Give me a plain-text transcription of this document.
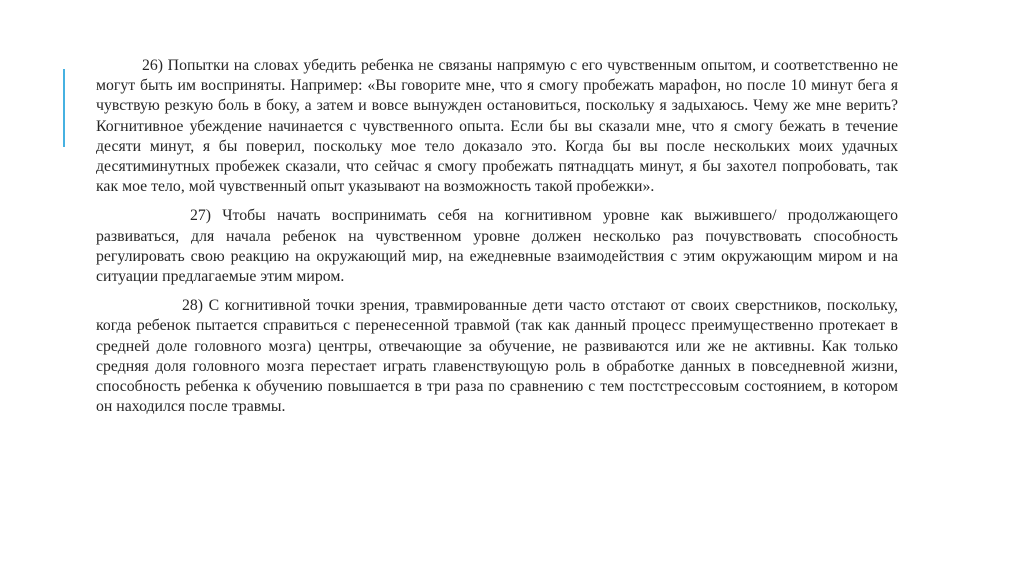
26) Попытки на словах убедить ребенка не связаны напрямую с его чувственным опытом, и соответственно не могут быть им восприняты. Например: «Вы говорите мне, что я смогу пробежать марафон, но после 10 минут бега я чувствую резкую боль в боку, а затем и вовсе вынужден остановиться, поскольку я задыхаюсь. Чему же мне верить? Когнитивное убеждение начинается с чувственного опыта. Если бы вы сказали мне, что я смогу бежать в течение десяти минут, я бы поверил, поскольку мое тело доказало это. Когда бы вы после нескольких моих удачных десятиминутных пробежек сказали, что сейчас я смогу пробежать пятнадцать минут, я бы захотел попробовать, так как мое тело, мой чувственный опыт указывают на возможность такой пробежки».

27) Чтобы начать воспринимать себя на когнитивном уровне как выжившего/ продолжающего развиваться, для начала ребенок на чувственном уровне должен несколько раз почувствовать способность регулировать свою реакцию на окружающий мир, на ежедневные взаимодействия с этим окружающим миром и на ситуации предлагаемые этим миром.

28) С когнитивной точки зрения, травмированные дети часто отстают от своих сверстников, поскольку, когда ребенок пытается справиться с перенесенной травмой (так как данный процесс преимущественно протекает в средней доле головного мозга) центры, отвечающие за обучение, не развиваются или же не активны. Как только средняя доля головного мозга перестает играть главенствующую роль в обработке данных в повседневной жизни, способность ребенка к обучению повышается в три раза по сравнению с тем постстрессовым состоянием, в котором он находился после травмы.
